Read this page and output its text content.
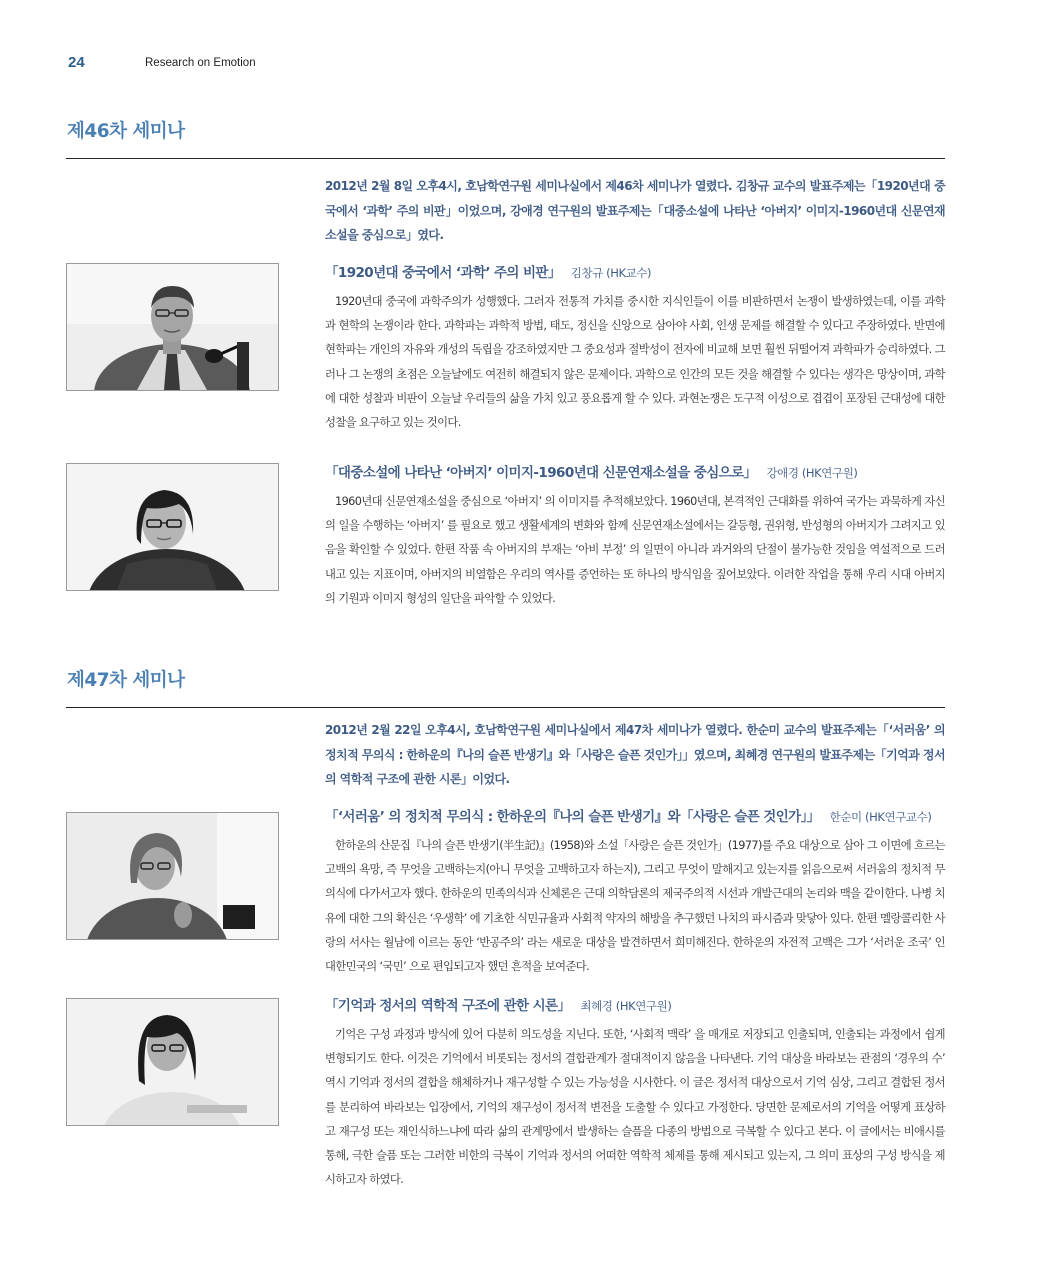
24	Research on Emotion
제46차 세미나

2012년 2월 8일 오후4시, 호남학연구원 세미나실에서 제46차 세미나가 열렸다. 김창규 교수의 발표주제는「1920년대 중국에서 ‘과학’ 주의 비판」이었으며, 강애경 연구원의 발표주제는「대중소설에 나타난 ‘아버지’ 이미지-1960년대 신문연재소설을 중심으로」였다.

「1920년대 중국에서 ‘과학’ 주의 비판」 김창규 (HK교수)

1920년대 중국에 과학주의가 성행했다. 그러자 전통적 가치를 중시한 지식인들이 이를 비판하면서 논쟁이 발생하였는데, 이를 과학과 현학의 논쟁이라 한다. 과학파는 과학적 방법, 태도, 정신을 신앙으로 삼아야 사회, 인생 문제를 해결할 수 있다고 주장하였다. 반면에 현학파는 개인의 자유와 개성의 독립을 강조하였지만 그 중요성과 절박성이 전자에 비교해 보면 훨씬 뒤떨어져 과학파가 승리하였다. 그러나 그 논쟁의 초점은 오늘날에도 여전히 해결되지 않은 문제이다. 과학으로 인간의 모든 것을 해결할 수 있다는 생각은 망상이며, 과학에 대한 성찰과 비판이 오늘날 우리들의 삶을 가치 있고 풍요롭게 할 수 있다. 과현논쟁은 도구적 이성으로 겹겹이 포장된 근대성에 대한 성찰을 요구하고 있는 것이다.

「대중소설에 나타난 ‘아버지’ 이미지-1960년대 신문연재소설을 중심으로」 강애경 (HK연구원)

1960년대 신문연재소설을 중심으로 ‘아버지’ 의 이미지를 추적해보았다. 1960년대, 본격적인 근대화를 위하여 국가는 과묵하게 자신의 일을 수행하는 ‘아버지’ 를 필요로 했고 생활세계의 변화와 함께 신문연재소설에서는 갈등형, 권위형, 반성형의 아버지가 그려지고 있음을 확인할 수 있었다. 한편 작품 속 아버지의 부재는 ‘아비 부정’ 의 일면이 아니라 과거와의 단절이 불가능한 것임을 역설적으로 드러내고 있는 지표이며, 아버지의 비열함은 우리의 역사를 증언하는 또 하나의 방식임을 짚어보았다. 이러한 작업을 통해 우리 시대 아버지의 기원과 이미지 형성의 일단을 파악할 수 있었다.

제47차 세미나

2012년 2월 22일 오후4시, 호남학연구원 세미나실에서 제47차 세미나가 열렸다. 한순미 교수의 발표주제는「‘서러움’ 의 정치적 무의식 : 한하운의『나의 슬픈 반생기』와「사랑은 슬픈 것인가」」였으며, 최혜경 연구원의 발표주제는「기억과 정서의 역학적 구조에 관한 시론」이었다.

「‘서러움’ 의 정치적 무의식 : 한하운의『나의 슬픈 반생기』와「사랑은 슬픈 것인가」」 한순미 (HK연구교수)

한하운의 산문집『나의 슬픈 반생기(半生記)』(1958)와 소설「사랑은 슬픈 것인가」(1977)를 주요 대상으로 삼아 그 이면에 흐르는 고백의 욕망, 즉 무엇을 고백하는지(아니 무엇을 고백하고자 하는지), 그리고 무엇이 말해지고 있는지를 읽음으로써 서러움의 정치적 무의식에 다가서고자 했다. 한하운의 민족의식과 신체론은 근대 의학담론의 제국주의적 시선과 개발근대의 논리와 맥을 같이한다. 나병 치유에 대한 그의 확신은 ‘우생학’ 에 기초한 식민규율과 사회적 약자의 해방을 추구했던 나치의 파시즘과 맞닿아 있다. 한편 멜랑콜리한 사랑의 서사는 월남에 이르는 동안 ‘반공주의’ 라는 새로운 대상을 발견하면서 희미해진다. 한하운의 자전적 고백은 그가 ‘서러운 조국’ 인 대한민국의 ‘국민’ 으로 편입되고자 했던 흔적을 보여준다.

「기억과 정서의 역학적 구조에 관한 시론」 최혜경 (HK연구원)

기억은 구성 과정과 방식에 있어 다분히 의도성을 지닌다. 또한, ‘사회적 맥락’ 을 매개로 저장되고 인출되며, 인출되는 과정에서 쉽게 변형되기도 한다. 이것은 기억에서 비롯되는 정서의 결합관계가 절대적이지 않음을 나타낸다. 기억 대상을 바라보는 관점의 ‘경우의 수’ 역시 기억과 정서의 결합을 해체하거나 재구성할 수 있는 가능성을 시사한다. 이 글은 정서적 대상으로서 기억 심상, 그리고 결합된 정서를 분리하여 바라보는 입장에서, 기억의 재구성이 정서적 변전을 도출할 수 있다고 가정한다. 당면한 문제로서의 기억을 어떻게 표상하고 재구성 또는 재인식하느냐에 따라 삶의 관계망에서 발생하는 슬픔을 다종의 방법으로 극복할 수 있다고 본다. 이 글에서는 비애시를 통해, 극한 슬픔 또는 그러한 비한의 극복이 기억과 정서의 어떠한 역학적 체제를 통해 제시되고 있는지, 그 의미 표상의 구성 방식을 제시하고자 하였다.
